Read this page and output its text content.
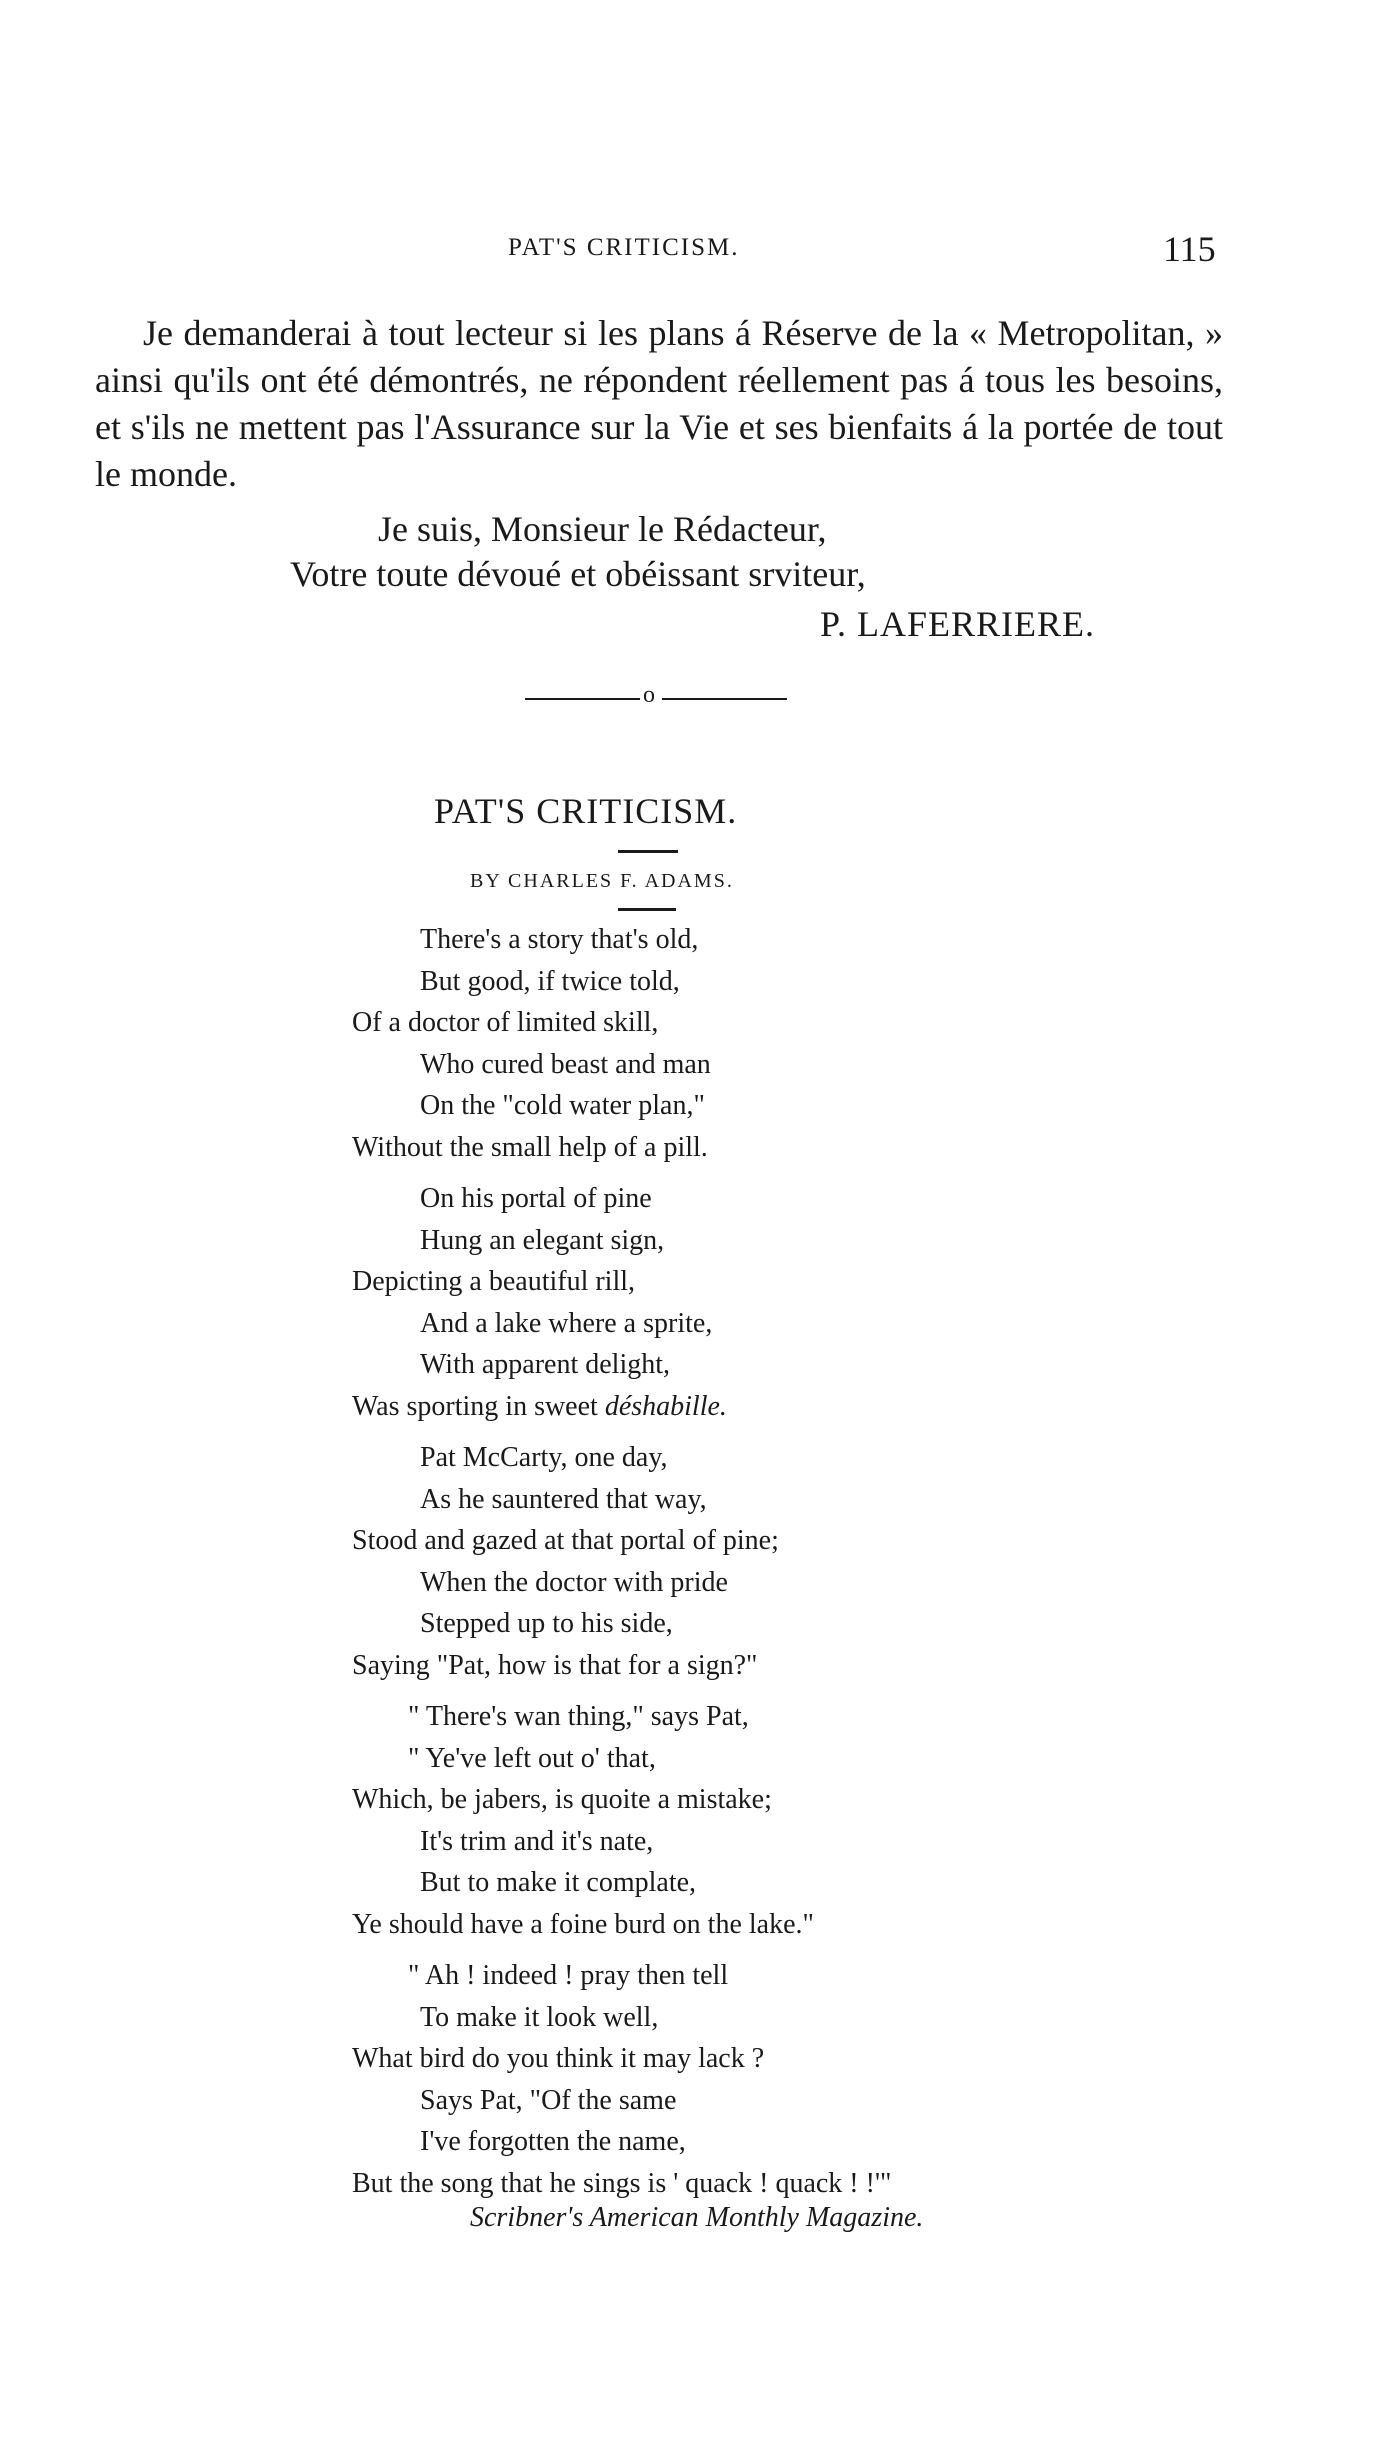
PAT'S CRITICISM.	115

Je demanderai à tout lecteur si les plans á Réserve de la « Metropolitan, » ainsi qu'ils ont été démontrés, ne répondent réellement pas á tous les besoins, et s'ils ne mettent pas l'Assurance sur la Vie et ses bienfaits á la portée de tout le monde.

Je suis, Monsieur le Rédacteur,
Votre toute dévoué et obéissant srviteur,
P. LAFERRIERE.
o
PAT'S CRITICISM.
BY CHARLES F. ADAMS.
There's a story that's old,
But good, if twice told,
Of a doctor of limited skill,
Who cured beast and man
On the "cold water plan,"
Without the small help of a pill.
On his portal of pine
Hung an elegant sign,
Depicting a beautiful rill,
And a lake where a sprite,
With apparent delight,
Was sporting in sweet déshabille.
Pat McCarty, one day,
As he sauntered that way,
Stood and gazed at that portal of pine;
When the doctor with pride
Stepped up to his side,
Saying "Pat, how is that for a sign?"
" There's wan thing," says Pat,
" Ye've left out o' that,
Which, be jabers, is quoite a mistake;
It's trim and it's nate,
But to make it complate,
Ye should have a foine burd on the lake."
" Ah ! indeed ! pray then tell
To make it look well,
What bird do you think it may lack ?
Says Pat, "Of the same
I've forgotten the name,
But the song that he sings is ' quack ! quack ! !'"
Scribner's American Monthly Magazine.
